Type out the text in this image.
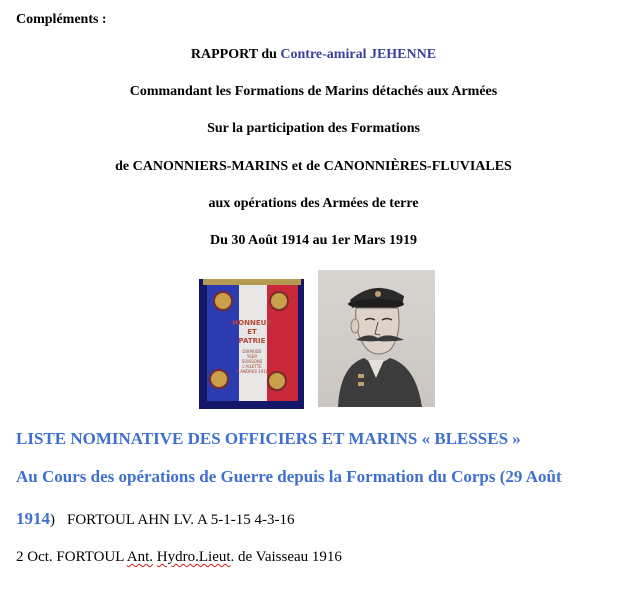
Compléments :
RAPPORT du Contre-amiral JEHENNE
Commandant les Formations de Marins détachés aux Armées
Sur la participation des Formations
de CANONNIERS-MARINS et de CANONNIÈRES-FLUVIALES
aux opérations des Armées de terre
Du 30 Août 1914 au 1er Mars 1919
HONNEUR
ET
PATRIE
DIXMUDE
YSER
SOISSONS
L'AILETTE
FLANDRES 1918
LISTE NOMINATIVE DES OFFICIERS ET MARINS « BLESSES »
Au Cours des opérations de Guerre depuis la Formation du Corps (29 Août
1914) FORTOUL AHN LV. A 5-1-15 4-3-16
2 Oct. FORTOUL Ant. Hydro.Lieut. de Vaisseau 1916
